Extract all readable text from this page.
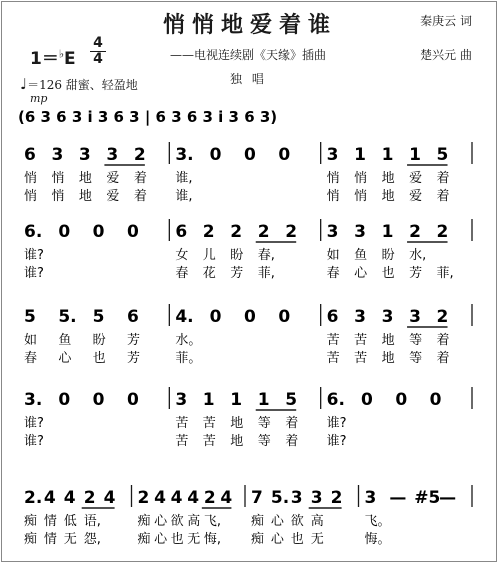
悄悄地爱着谁	秦庚云 词
楚兴元 曲
——电视连续剧《天缘》插曲
独 唱
1＝♭E
4
4
♩＝126 甜蜜、轻盈地
mp
(6 3 6 3 i 3 6 3 | 6 3 6 3 i 3 6 3)
6
悄
悄
3
悄
悄
3
地
地
3
爱
爱
2
着
着
3.
谁,
谁,
0 0 0 3
悄
悄
1
悄
悄
1
地
地
1
爱
爱
5
着
着
6.
谁?
谁?
0 0 0 6
女
春
2
儿
花
2
盼
芳
2
春,
菲,
2 3
如
春
3
鱼
心
1
盼
也
2
水,
芳
2
菲,
5
如
春
5.
鱼
心
5
盼
也
6
芳
芳
4.
水。
菲。
0 0 0 6
苦
苦
3
苦
苦
3
地
地
3
等
等
2
着
着
3.
谁?
谁?
0 0 0 3
苦
苦
1
苦
苦
1
地
地
1
等
等
5
着
着
6.
谁?
谁?
0 0 0
2.
痴
痴
4
情
情
4
低
无
2
语,
怨,
4 2
痴
痴
4
心
心
4
欲
也
4
高
无
2
飞,
悔,
4 7
痴
痴
5.
心
心
3
欲
也
3
高
无
2 3
飞。
悔。
— #5
—
